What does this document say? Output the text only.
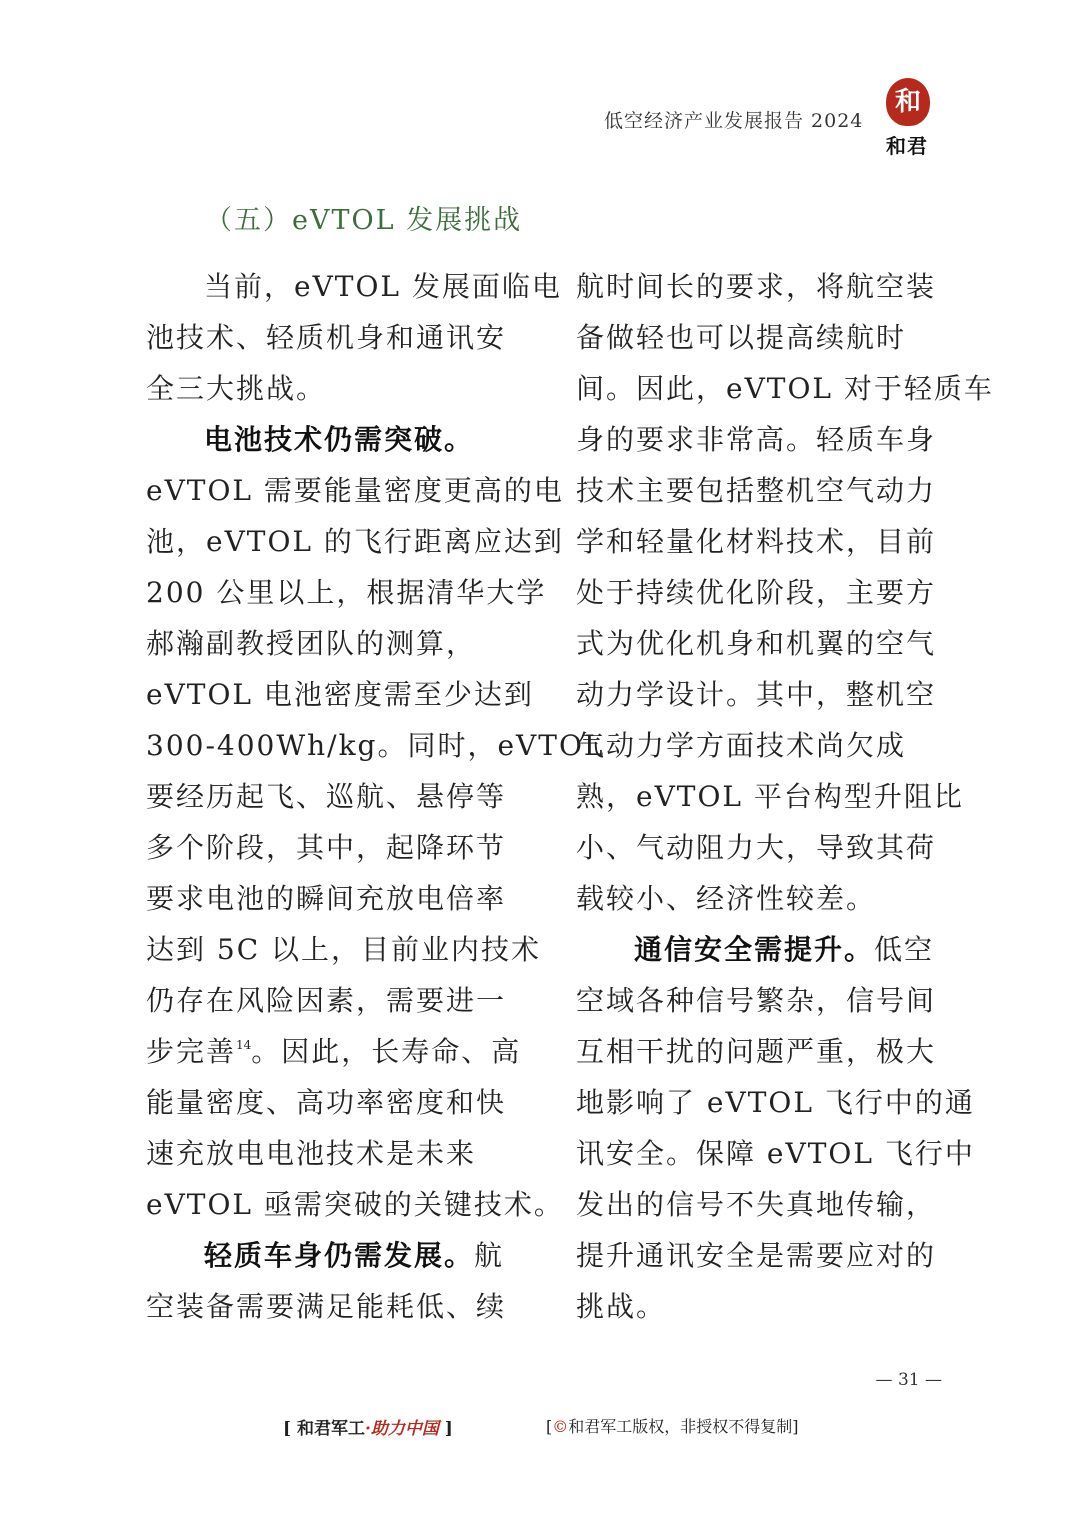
低空经济产业发展报告 2024
和
和君
（五）eVTOL 发展挑战
当前，eVTOL 发展面临电
池技术、轻质机身和通讯安
全三大挑战。
电池技术仍需突破。
eVTOL 需要能量密度更高的电
池，eVTOL 的飞行距离应达到
200 公里以上，根据清华大学
郝瀚副教授团队的测算，
eVTOL 电池密度需至少达到
300-400Wh/kg。同时，eVTOL
要经历起飞、巡航、悬停等
多个阶段，其中，起降环节
要求电池的瞬间充放电倍率
达到 5C 以上，目前业内技术
仍存在风险因素，需要进一
步完善$^{14}$。因此，长寿命、高
能量密度、高功率密度和快
速充放电电池技术是未来
eVTOL 亟需突破的关键技术。
轻质车身仍需发展。航
空装备需要满足能耗低、续
航时间长的要求，将航空装
备做轻也可以提高续航时
间。因此，eVTOL 对于轻质车
身的要求非常高。轻质车身
技术主要包括整机空气动力
学和轻量化材料技术，目前
处于持续优化阶段，主要方
式为优化机身和机翼的空气
动力学设计。其中，整机空
气动力学方面技术尚欠成
熟，eVTOL 平台构型升阻比
小、气动阻力大，导致其荷
载较小、经济性较差。
通信安全需提升。低空
空域各种信号繁杂，信号间
互相干扰的问题严重，极大
地影响了 eVTOL 飞行中的通
讯安全。保障 eVTOL 飞行中
发出的信号不失真地传输，
提升通讯安全是需要应对的
挑战。
— 31 —
[ 和君军工·助力中国 ]	[©和君军工版权，非授权不得复制]
